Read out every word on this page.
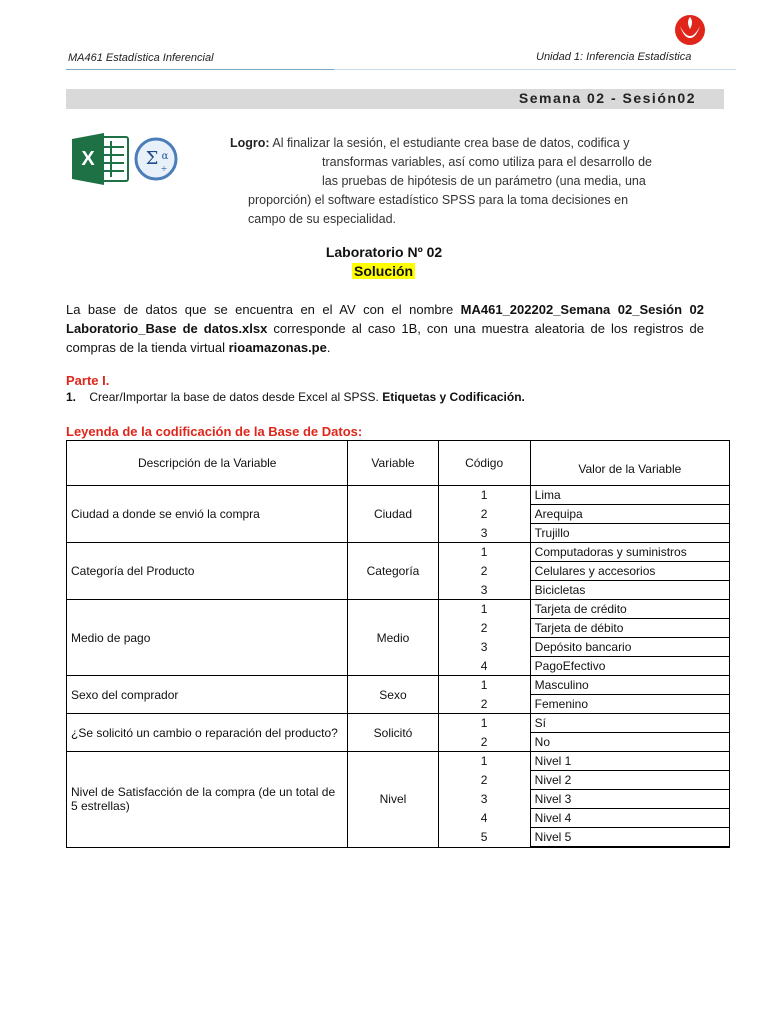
MA461 Estadística Inferencial	Unidad 1: Inferencia Estadística
Semana 02 - Sesión02
X	Σ α
÷
Logro: Al finalizar la sesión, el estudiante crea base de datos, codifica y
transformas variables, así como utiliza para el desarrollo de
las pruebas de hipótesis de un parámetro (una media, una
proporción) el software estadístico SPSS para la toma decisiones en
campo de su especialidad.
Laboratorio Nº 02
Solución
La base de datos que se encuentra en el AV con el nombre MA461_202202_Semana 02_Sesión 02 Laboratorio_Base de datos.xlsx corresponde al caso 1B, con una muestra aleatoria de los registros de compras de la tienda virtual rioamazonas.pe.
Parte I.
1. Crear/Importar la base de datos desde Excel al SPSS. Etiquetas y Codificación.
Leyenda de la codificación de la Base de Datos:
Descripción de la Variable	Variable	Código	Valor de la Variable
Ciudad a donde se envió la compra	Ciudad	1	Lima
		2	Arequipa
		3	Trujillo
Categoría del Producto	Categoría	1	Computadoras y suministros
		2	Celulares y accesorios
		3	Bicicletas
Medio de pago	Medio	1	Tarjeta de crédito
		2	Tarjeta de débito
		3	Depósito bancario
		4	PagoEfectivo
Sexo del comprador	Sexo	1	Masculino
		2	Femenino
¿Se solicitó un cambio o reparación del producto?	Solicitó	1	Sí
		2	No
Nivel de Satisfacción de la compra (de un total de 5 estrellas)	Nivel	1	Nivel 1
		2	Nivel 2
		3	Nivel 3
		4	Nivel 4
		5	Nivel 5
